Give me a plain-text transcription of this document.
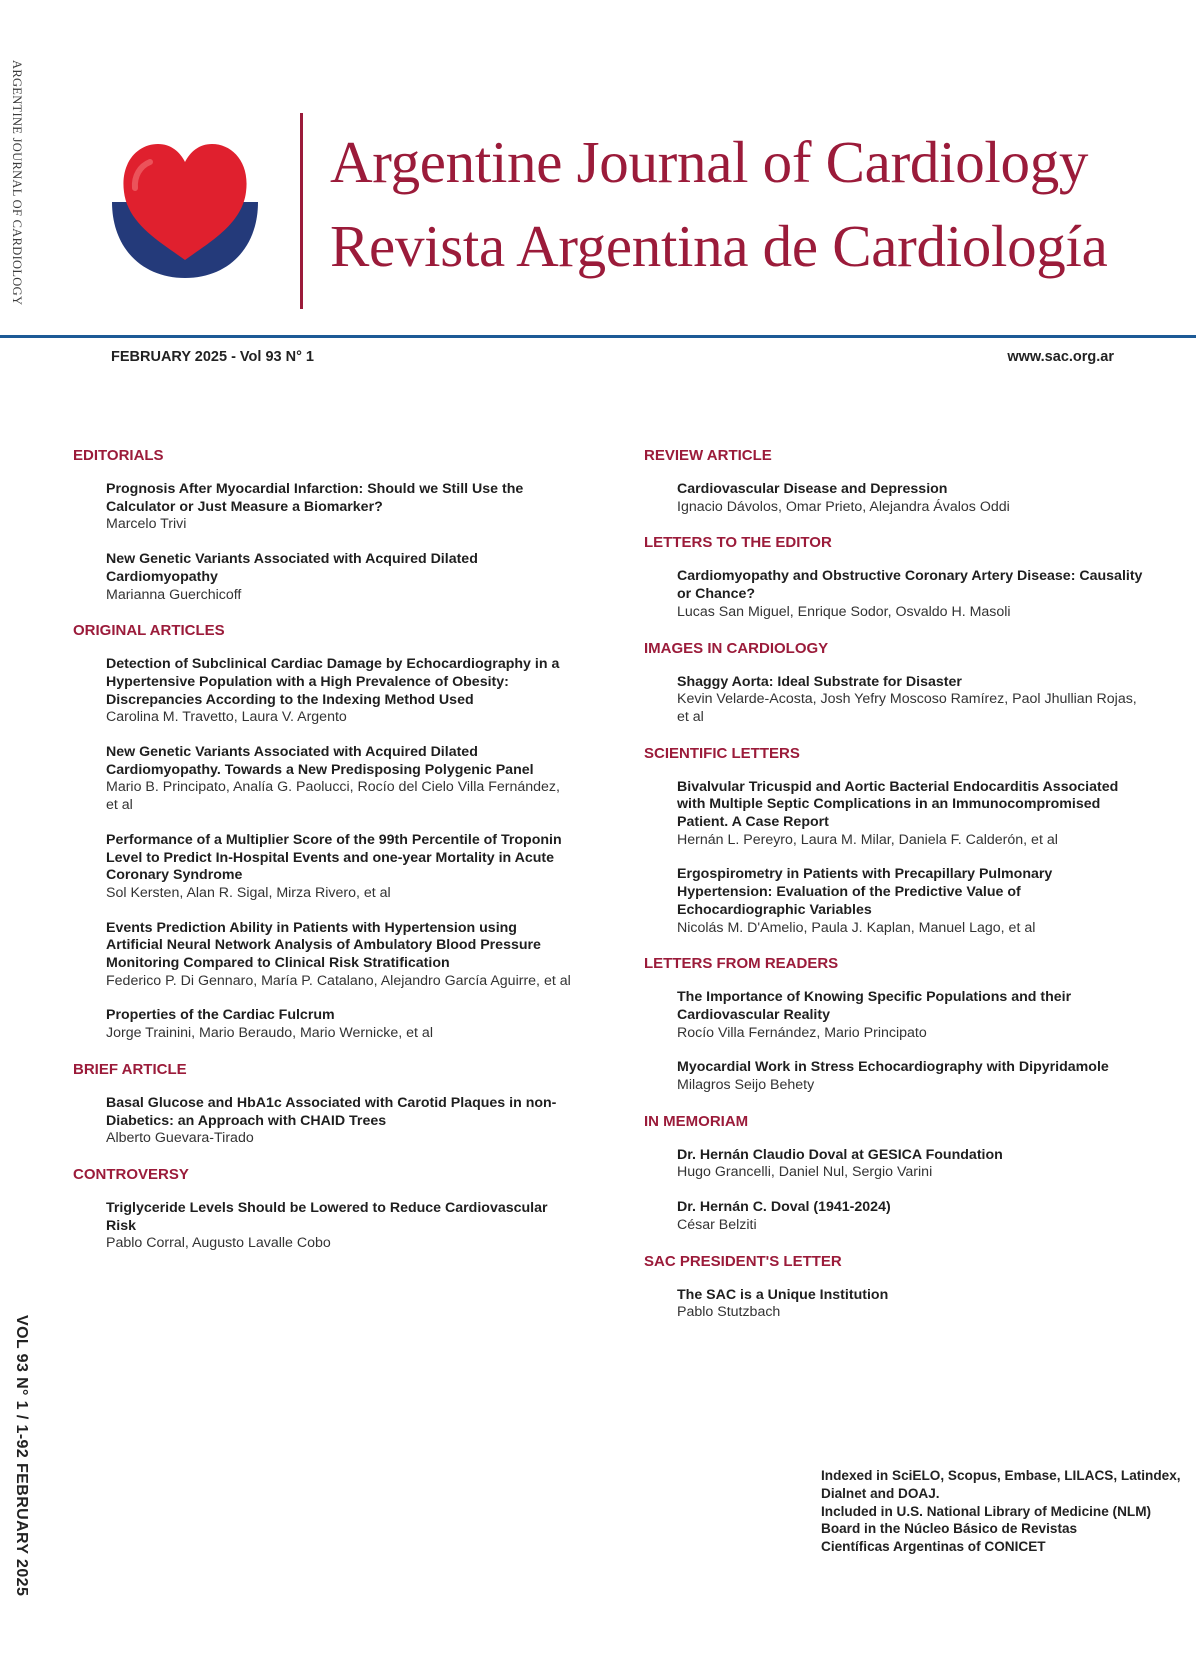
ARGENTINE JOURNAL OF CARDIOLOGY
VOL 93 N° 1 / 1-92 FEBRUARY 2025
Argentine Journal of Cardiology
Revista Argentina de Cardiología
FEBRUARY 2025 - Vol 93 N° 1	www.sac.org.ar
EDITORIALS
Prognosis After Myocardial Infarction: Should we Still Use the Calculator or Just Measure a Biomarker?
Marcelo Trivi
New Genetic Variants Associated with Acquired Dilated Cardiomyopathy
Marianna Guerchicoff
ORIGINAL ARTICLES
Detection of Subclinical Cardiac Damage by Echocardiography in a Hypertensive Population with a High Prevalence of Obesity: Discrepancies According to the Indexing Method Used
Carolina M. Travetto, Laura V. Argento
New Genetic Variants Associated with Acquired Dilated Cardiomyopathy. Towards a New Predisposing Polygenic Panel
Mario B. Principato, Analía G. Paolucci, Rocío del Cielo Villa Fernández, et al
Performance of a Multiplier Score of the 99th Percentile of Troponin Level to Predict In-Hospital Events and one-year Mortality in Acute Coronary Syndrome
Sol Kersten, Alan R. Sigal, Mirza Rivero, et al
Events Prediction Ability in Patients with Hypertension using Artificial Neural Network Analysis of Ambulatory Blood Pressure Monitoring Compared to Clinical Risk Stratification
Federico P. Di Gennaro, María P. Catalano, Alejandro García Aguirre, et al
Properties of the Cardiac Fulcrum
Jorge Trainini, Mario Beraudo, Mario Wernicke, et al
BRIEF ARTICLE
Basal Glucose and HbA1c Associated with Carotid Plaques in non-Diabetics: an Approach with CHAID Trees
Alberto Guevara-Tirado
CONTROVERSY
Triglyceride Levels Should be Lowered to Reduce Cardiovascular Risk
Pablo Corral, Augusto Lavalle Cobo
REVIEW ARTICLE
Cardiovascular Disease and Depression
Ignacio Dávolos, Omar Prieto, Alejandra Ávalos Oddi
LETTERS TO THE EDITOR
Cardiomyopathy and Obstructive Coronary Artery Disease: Causality or Chance?
Lucas San Miguel, Enrique Sodor, Osvaldo H. Masoli
IMAGES IN CARDIOLOGY
Shaggy Aorta: Ideal Substrate for Disaster
Kevin Velarde-Acosta, Josh Yefry Moscoso Ramírez, Paol Jhullian Rojas, et al
SCIENTIFIC LETTERS
Bivalvular Tricuspid and Aortic Bacterial Endocarditis Associated with Multiple Septic Complications in an Immunocompromised Patient. A Case Report
Hernán L. Pereyro, Laura M. Milar, Daniela F. Calderón, et al
Ergospirometry in Patients with Precapillary Pulmonary Hypertension: Evaluation of the Predictive Value of Echocardiographic Variables
Nicolás M. D'Amelio, Paula J. Kaplan, Manuel Lago, et al
LETTERS FROM READERS
The Importance of Knowing Specific Populations and their Cardiovascular Reality
Rocío Villa Fernández, Mario Principato
Myocardial Work in Stress Echocardiography with Dipyridamole
Milagros Seijo Behety
IN MEMORIAM
Dr. Hernán Claudio Doval at GESICA Foundation
Hugo Grancelli, Daniel Nul, Sergio Varini
Dr. Hernán C. Doval (1941-2024)
César Belziti
SAC PRESIDENT'S LETTER
The SAC is a Unique Institution
Pablo Stutzbach
Indexed in SciELO, Scopus, Embase, LILACS, Latindex,
Dialnet and DOAJ.
Included in U.S. National Library of Medicine (NLM)
Board in the Núcleo Básico de Revistas
Científicas Argentinas of CONICET
